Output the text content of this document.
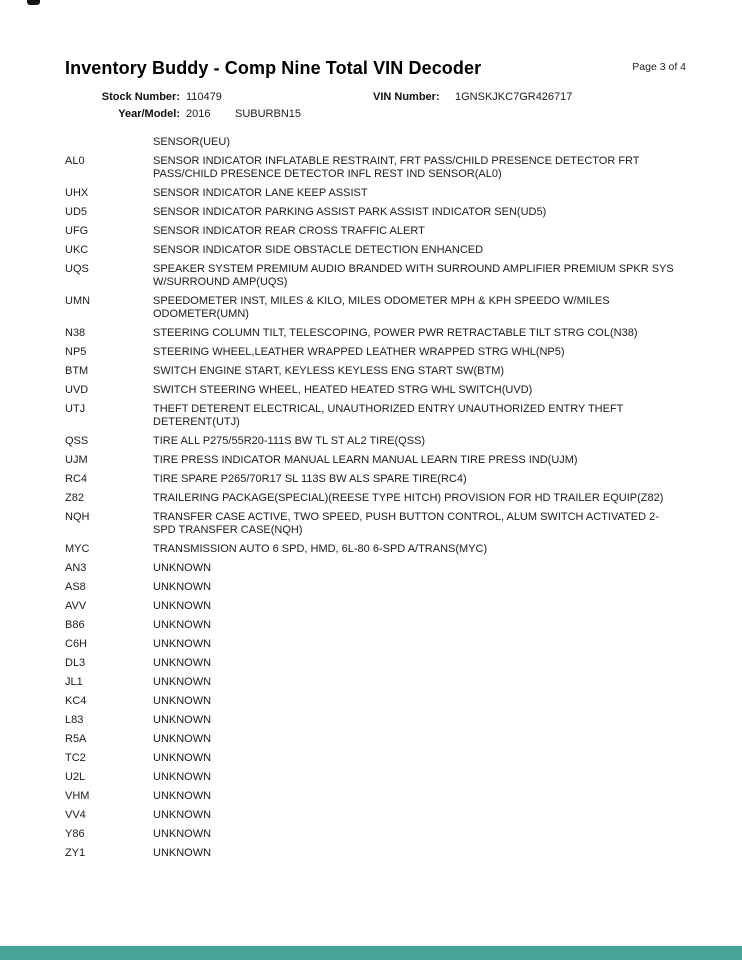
Inventory Buddy - Comp Nine Total VIN Decoder	Page 3 of 4
Stock Number: 110479	VIN Number: 1GNSKJKC7GR426717
Year/Model: 2016 SUBURBN15
SENSOR(UEU)
AL0	SENSOR INDICATOR INFLATABLE RESTRAINT, FRT PASS/CHILD PRESENCE DETECTOR FRT PASS/CHILD PRESENCE DETECTOR INFL REST IND SENSOR(AL0)
UHX	SENSOR INDICATOR LANE KEEP ASSIST
UD5	SENSOR INDICATOR PARKING ASSIST PARK ASSIST INDICATOR SEN(UD5)
UFG	SENSOR INDICATOR REAR CROSS TRAFFIC ALERT
UKC	SENSOR INDICATOR SIDE OBSTACLE DETECTION ENHANCED
UQS	SPEAKER SYSTEM PREMIUM AUDIO BRANDED WITH SURROUND AMPLIFIER PREMIUM SPKR SYS W/SURROUND AMP(UQS)
UMN	SPEEDOMETER INST, MILES & KILO, MILES ODOMETER MPH & KPH SPEEDO W/MILES ODOMETER(UMN)
N38	STEERING COLUMN TILT, TELESCOPING, POWER PWR RETRACTABLE TILT STRG COL(N38)
NP5	STEERING WHEEL,LEATHER WRAPPED LEATHER WRAPPED STRG WHL(NP5)
BTM	SWITCH ENGINE START, KEYLESS KEYLESS ENG START SW(BTM)
UVD	SWITCH STEERING WHEEL, HEATED HEATED STRG WHL SWITCH(UVD)
UTJ	THEFT DETERENT ELECTRICAL, UNAUTHORIZED ENTRY UNAUTHORIZED ENTRY THEFT DETERENT(UTJ)
QSS	TIRE ALL P275/55R20-111S BW TL ST AL2 TIRE(QSS)
UJM	TIRE PRESS INDICATOR MANUAL LEARN MANUAL LEARN TIRE PRESS IND(UJM)
RC4	TIRE SPARE P265/70R17 SL 113S BW ALS SPARE TIRE(RC4)
Z82	TRAILERING PACKAGE(SPECIAL)(REESE TYPE HITCH) PROVISION FOR HD TRAILER EQUIP(Z82)
NQH	TRANSFER CASE ACTIVE, TWO SPEED, PUSH BUTTON CONTROL, ALUM SWITCH ACTIVATED 2-SPD TRANSFER CASE(NQH)
MYC	TRANSMISSION AUTO 6 SPD, HMD, 6L-80 6-SPD A/TRANS(MYC)
AN3	UNKNOWN
AS8	UNKNOWN
AVV	UNKNOWN
B86	UNKNOWN
C6H	UNKNOWN
DL3	UNKNOWN
JL1	UNKNOWN
KC4	UNKNOWN
L83	UNKNOWN
R5A	UNKNOWN
TC2	UNKNOWN
U2L	UNKNOWN
VHM	UNKNOWN
VV4	UNKNOWN
Y86	UNKNOWN
ZY1	UNKNOWN
